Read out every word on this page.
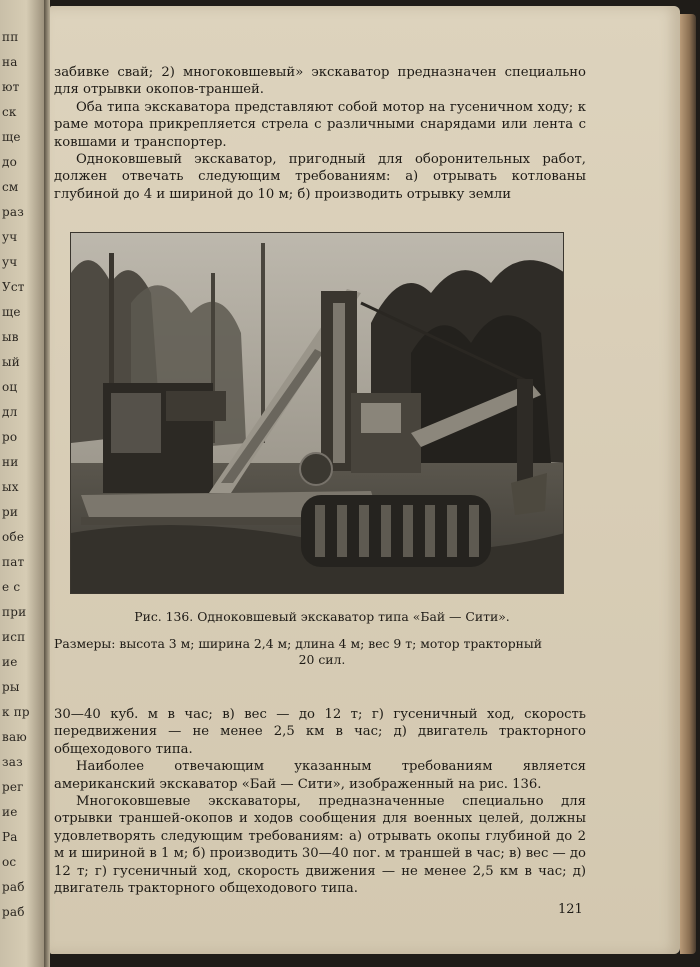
пп
на
ют
ск
ще
до
см
раз
уч
уч
Уст
ще
ыв
ый
оц
дл
ро
ни
ых
ри
обе
пат
е с
при
исп
ие
ры
к пр
ваю
заз
рег
ие
Ра
ос
раб
раб

забивке свай; 2) многоковшевый» экскаватор предназначен специально для отрывки окопов-траншей.

Оба типа экскаватора представляют собой мотор на гусеничном ходу; к раме мотора прикрепляется стрела с различными снарядами или лента с ковшами и транспортер.

Одноковшевый экскаватор, пригодный для оборонительных работ, должен отвечать следующим требованиям: а) отрывать котлованы глубиной до 4 и шириной до 10 м; б) производить отрывку земли

Рис. 136. Одноковшевый экскаватор типа «Бай — Сити».
Размеры: высота 3 м; ширина 2,4 м; длина 4 м; вес 9 т; мотор тракторный
20 сил.

30—40 куб. м в час; в) вес — до 12 т; г) гусеничный ход, скорость передвижения — не менее 2,5 км в час; д) двигатель тракторного общеходового типа.

Наиболее отвечающим указанным требованиям является американский экскаватор «Бай — Сити», изображенный на рис. 136.

Многоковшевые экскаваторы, предназначенные специально для отрывки траншей-окопов и ходов сообщения для военных целей, должны удовлетворять следующим требованиям: а) отрывать окопы глубиной до 2 м и шириной в 1 м; б) производить 30—40 пог. м траншей в час; в) вес — до 12 т; г) гусеничный ход, скорость движения — не менее 2,5 км в час; д) двигатель тракторного общеходового типа.

121
